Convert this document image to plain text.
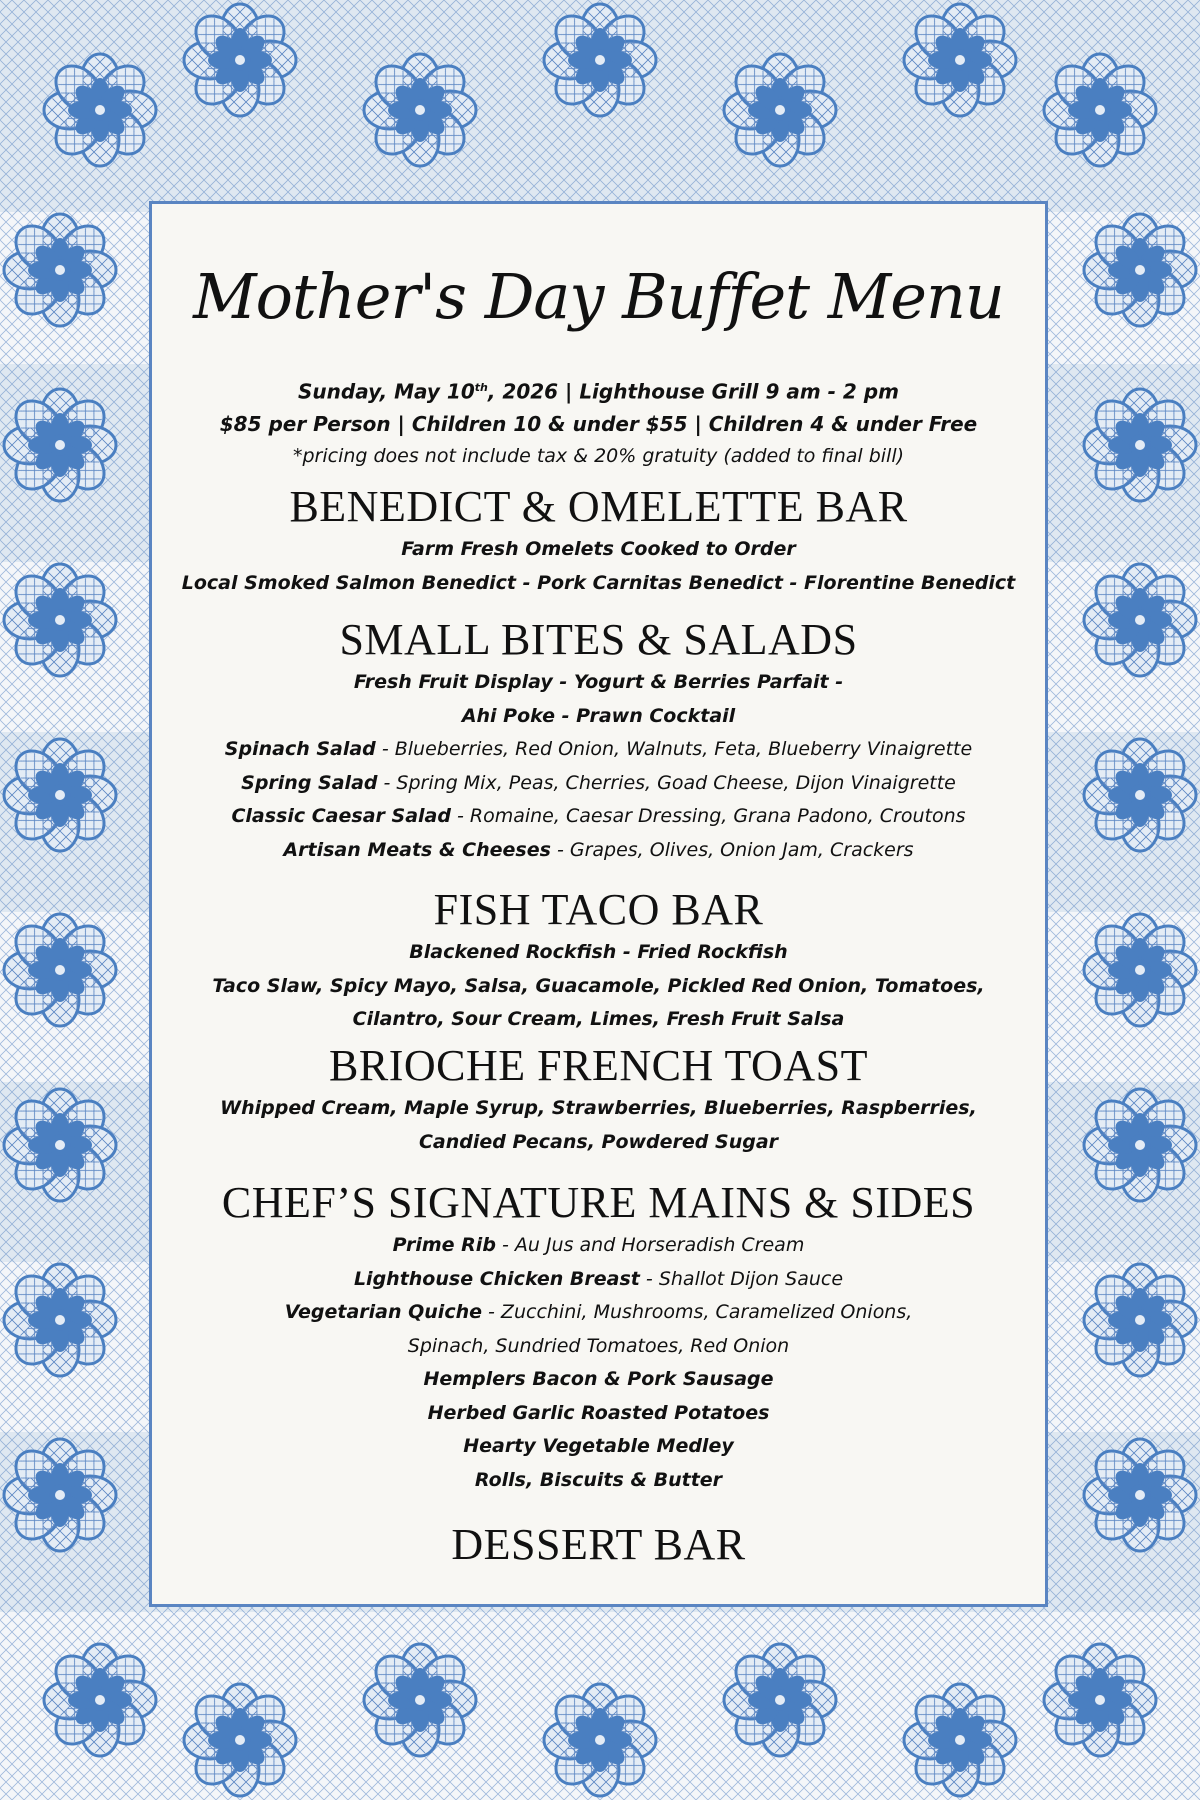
Mother's Day Buffet Menu

Sunday, May 10th, 2026 | Lighthouse Grill 9 am - 2 pm

$85 per Person | Children 10 & under $55 | Children 4 & under Free

*pricing does not include tax & 20% gratuity (added to final bill)

BENEDICT & OMELETTE BAR
Farm Fresh Omelets Cooked to Order
Local Smoked Salmon Benedict - Pork Carnitas Benedict - Florentine Benedict
SMALL BITES & SALADS
Fresh Fruit Display - Yogurt & Berries Parfait -
Ahi Poke - Prawn Cocktail
Spinach Salad - Blueberries, Red Onion, Walnuts, Feta, Blueberry Vinaigrette
Spring Salad - Spring Mix, Peas, Cherries, Goad Cheese, Dijon Vinaigrette
Classic Caesar Salad - Romaine, Caesar Dressing, Grana Padono, Croutons
Artisan Meats & Cheeses - Grapes, Olives, Onion Jam, Crackers
FISH TACO BAR
Blackened Rockfish - Fried Rockfish
Taco Slaw, Spicy Mayo, Salsa, Guacamole, Pickled Red Onion, Tomatoes,
Cilantro, Sour Cream, Limes, Fresh Fruit Salsa
BRIOCHE FRENCH TOAST
Whipped Cream, Maple Syrup, Strawberries, Blueberries, Raspberries,
Candied Pecans, Powdered Sugar
CHEF’S SIGNATURE MAINS & SIDES
Prime Rib - Au Jus and Horseradish Cream
Lighthouse Chicken Breast - Shallot Dijon Sauce
Vegetarian Quiche - Zucchini, Mushrooms, Caramelized Onions,
Spinach, Sundried Tomatoes, Red Onion
Hemplers Bacon & Pork Sausage
Herbed Garlic Roasted Potatoes
Hearty Vegetable Medley
Rolls, Biscuits & Butter
DESSERT BAR
